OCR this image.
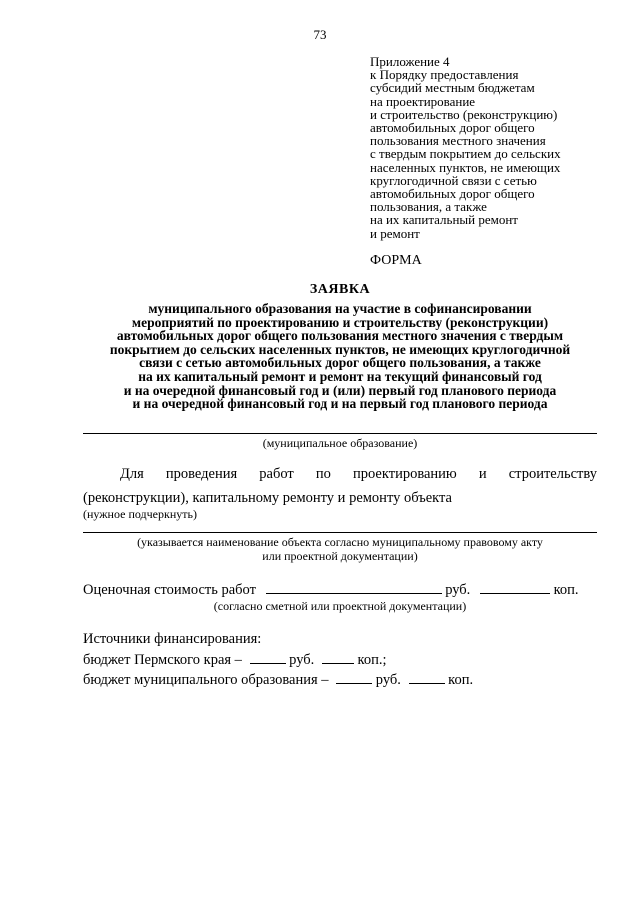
73
Приложение 4
к Порядку предоставления
субсидий местным бюджетам
на проектирование
и строительство (реконструкцию)
автомобильных дорог общего
пользования местного значения
с твердым покрытием до сельских
населенных пунктов, не имеющих
круглогодичной связи с сетью
автомобильных дорог общего
пользования, а также
на их капитальный ремонт
и ремонт
ФОРМА
ЗАЯВКА
муниципального образования на участие в софинансировании
мероприятий по проектированию и строительству (реконструкции)
автомобильных дорог общего пользования местного значения с твердым
покрытием до сельских населенных пунктов, не имеющих круглогодичной
связи с сетью автомобильных дорог общего пользования, а также
на их капитальный ремонт и ремонт на текущий финансовый год
и на очередной финансовый год и (или) первый год планового периода
и на очередной финансовый год и на первый год планового периода
(муниципальное образование)
Для проведения работ по проектированию и строительству
(реконструкции), капитальному ремонту и ремонту объекта
(нужное подчеркнуть)
(указывается наименование объекта согласно муниципальному правовому акту
или проектной документации)
Оценочная стоимость работ	руб.	коп.
(согласно сметной или проектной документации)
Источники финансирования:
бюджет Пермского края –	руб.	коп.;
бюджет муниципального образования –	руб.	коп.
